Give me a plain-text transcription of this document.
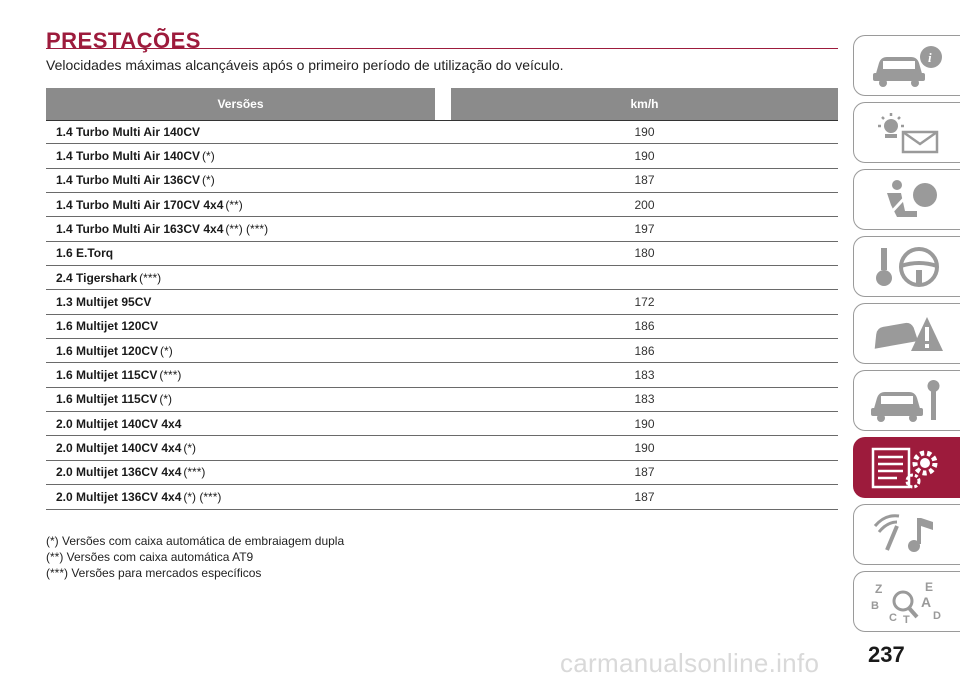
PRESTAÇÕES
Velocidades máximas alcançáveis após o primeiro período de utilização do veículo.
Versões	km/h
1.4 Turbo Multi Air 140CV	190
1.4 Turbo Multi Air 140CV (*)	190
1.4 Turbo Multi Air 136CV (*)	187
1.4 Turbo Multi Air 170CV 4x4 (**)	200
1.4 Turbo Multi Air 163CV 4x4 (**) (***)	197
1.6 E.Torq	180
2.4 Tigershark (***)
1.3 Multijet 95CV	172
1.6 Multijet 120CV	186
1.6 Multijet 120CV (*)	186
1.6 Multijet 115CV (***)	183
1.6 Multijet 115CV (*)	183
2.0 Multijet 140CV 4x4	190
2.0 Multijet 140CV 4x4 (*)	190
2.0 Multijet 136CV 4x4 (***)	187
2.0 Multijet 136CV 4x4 (*) (***)	187
(*) Versões com caixa automática de embraiagem dupla
(**) Versões com caixa automática AT9
(***) Versões para mercados específicos
i
Z	E
B	A
D
C T
carmanualsonline.info 237
